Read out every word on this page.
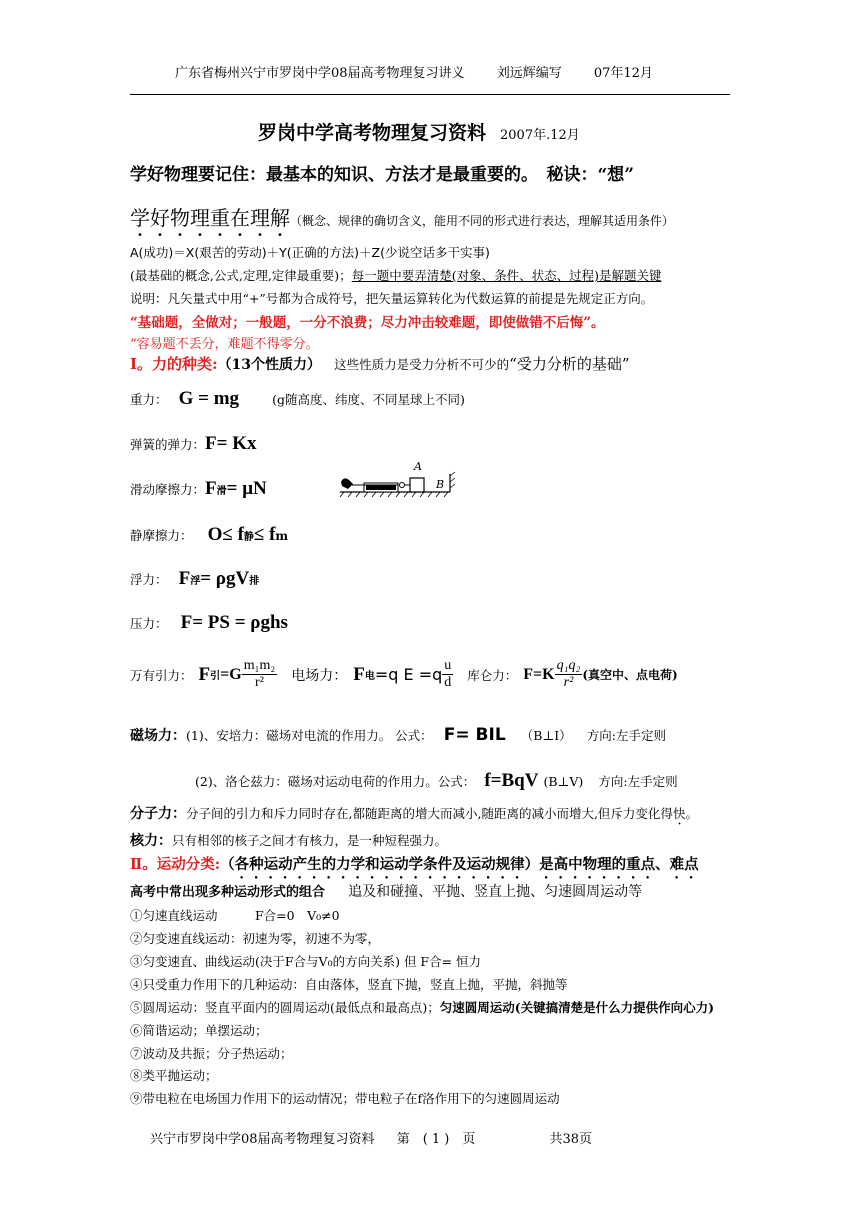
广东省梅州兴宁市罗岗中学08届高考物理复习讲义 刘远辉编写 07年12月
罗岗中学高考物理复习资料 2007年.12月
学好物理要记住：最基本的知识、方法才是最重要的。　秘诀：“想”
学好物理重在理解（概念、规律的确切含义，能用不同的形式进行表达，理解其适用条件）
A(成功)＝X(艰苦的劳动)＋Y(正确的方法)＋Z(少说空话多干实事)
(最基础的概念,公式,定理,定律最重要)；每一题中要弄清楚(对象、条件、状态、过程)是解题关键
说明：凡矢量式中用“+”号都为合成符号，把矢量运算转化为代数运算的前提是先规定正方向。
“基础题，全做对；一般题，一分不浪费；尽力冲击较难题，即使做错不后悔”。
“容易题不丢分，难题不得零分。
Ⅰ。力的种类:（13个性质力） 这些性质力是受力分析不可少的“受力分析的基础”
重力： G = mg	(g随高度、纬度、不同星球上不同)
弹簧的弹力：F= Kx
滑动摩擦力：F滑= μN
A
B
静摩擦力： O≤ f静≤ fm
浮力： F浮= ρgV排
压力： F= PS = ρghs
万有引力： F 引 $=G \frac{\text{m₁m₂}}{\text{r²}}$ 电场力： F 电 =q $E =q \frac{u}{d}$ 库仑力： $F=K \frac{\text{q₁q₂}}{\text{r²}}$ (真空中、点电荷)
磁场力：(1)、安培力：磁场对电流的作用力。 公式： F= BIL （B⊥I） 方向:左手定则
(2)、洛仑兹力：磁场对运动电荷的作用力。公式： f=BqV (B⊥V) 方向:左手定则
分子力：分子间的引力和斥力同时存在,都随距离的增大而减小,随距离的减小而增大,但斥力变化得快。
核力：只有相邻的核子之间才有核力，是一种短程强力。
Ⅱ。运动分类:（各种运动产生的力学和运动学条件及运动规律）是高中物理的重点、难点
高考中常出现多种运动形式的组合 追及和碰撞、平抛、竖直上抛、匀速圆周运动等
①匀速直线运动　　　F合=0　V₀≠0
②匀变速直线运动：初速为零，初速不为零，
③匀变速直、曲线运动(决于F合与V₀的方向关系) 但 F合= 恒力
④只受重力作用下的几种运动：自由落体，竖直下抛，竖直上抛，平抛，斜抛等
⑤圆周运动：竖直平面内的圆周运动(最低点和最高点)；匀速圆周运动(关键搞清楚是什么力提供作向心力)
⑥简谐运动；单摆运动；
⑦波动及共振；分子热运动；
⑧类平抛运动；
⑨带电粒在电场国力作用下的运动情况；带电粒子在f洛作用下的匀速圆周运动
兴宁市罗岗中学08届高考物理复习资料 第　( 1 )　页	共38页
